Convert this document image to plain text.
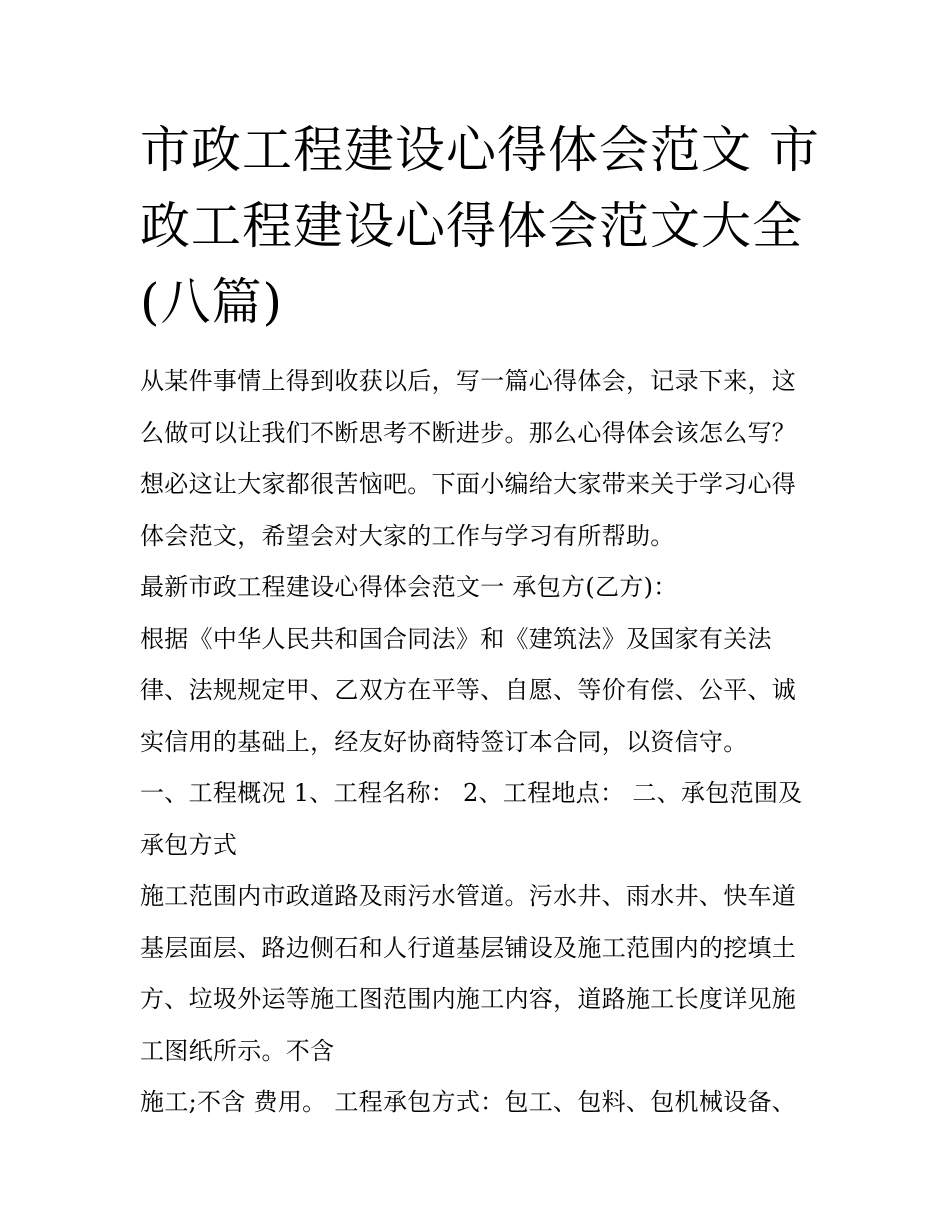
市政工程建设心得体会范文 市
政工程建设心得体会范文大全
(八篇)
从某件事情上得到收获以后，写一篇心得体会，记录下来，这
么做可以让我们不断思考不断进步。那么心得体会该怎么写？
想必这让大家都很苦恼吧。下面小编给大家带来关于学习心得
体会范文，希望会对大家的工作与学习有所帮助。
最新市政工程建设心得体会范文一 承包方(乙方)：
根据《中华人民共和国合同法》和《建筑法》及国家有关法
律、法规规定甲、乙双方在平等、自愿、等价有偿、公平、诚
实信用的基础上，经友好协商特签订本合同，以资信守。
一、工程概况 1、工程名称： 2、工程地点： 二、承包范围及
承包方式
施工范围内市政道路及雨污水管道。污水井、雨水井、快车道
基层面层、路边侧石和人行道基层铺设及施工范围内的挖填土
方、垃圾外运等施工图范围内施工内容，道路施工长度详见施
工图纸所示。不含
施工;不含 费用。 工程承包方式：包工、包料、包机械设备、
